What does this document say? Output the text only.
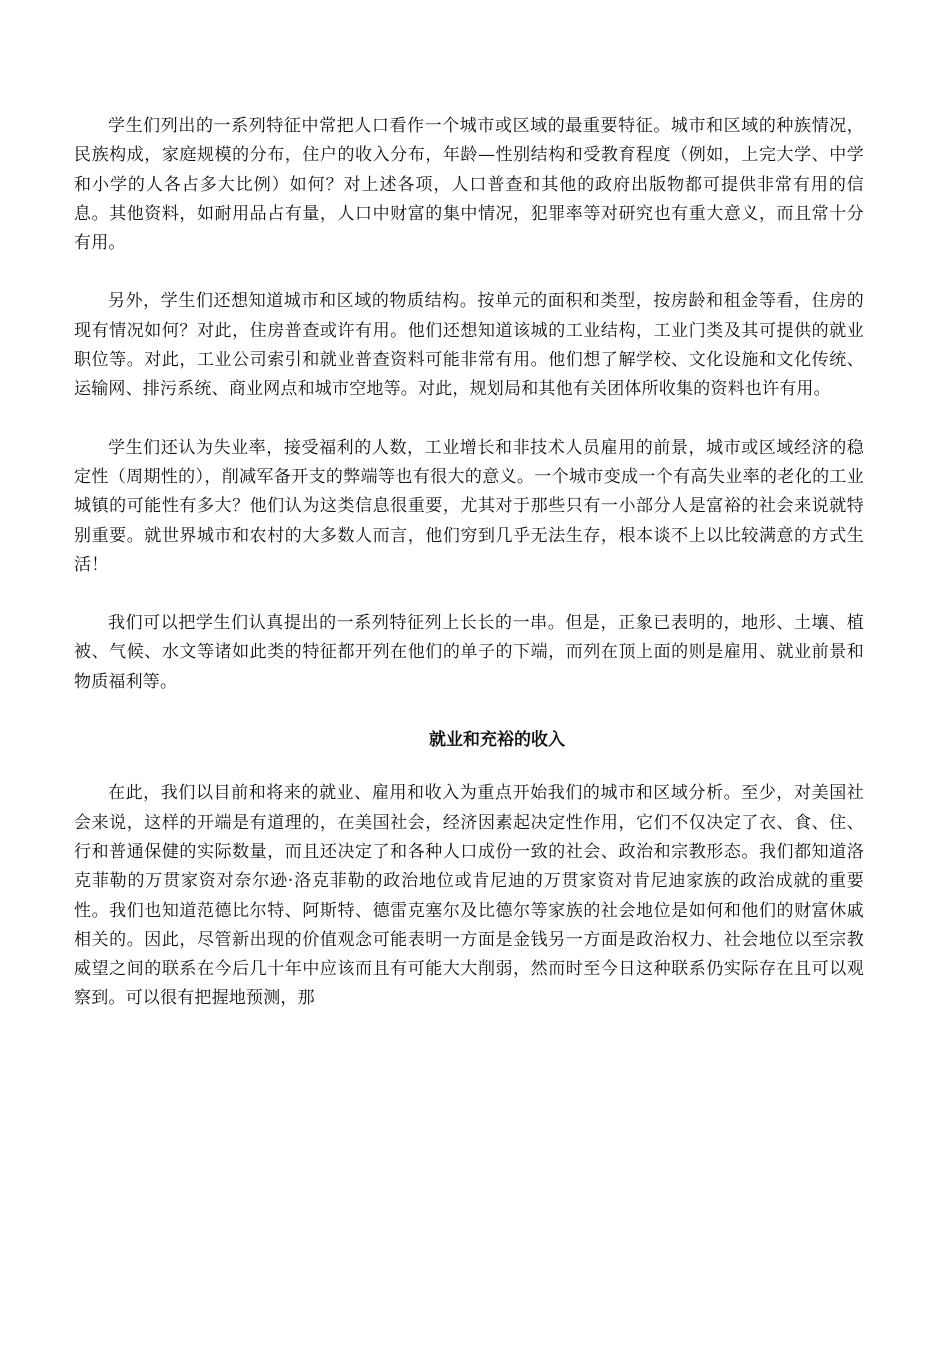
学生们列出的一系列特征中常把人口看作一个城市或区域的最重要特征。城市和区域的种族情况，民族构成，家庭规模的分布，住户的收入分布，年龄—性别结构和受教育程度（例如，上完大学、中学和小学的人各占多大比例）如何？对上述各项，人口普查和其他的政府出版物都可提供非常有用的信息。其他资料，如耐用品占有量，人口中财富的集中情况，犯罪率等对研究也有重大意义，而且常十分有用。

另外，学生们还想知道城市和区域的物质结构。按单元的面积和类型，按房龄和租金等看，住房的现有情况如何？对此，住房普查或许有用。他们还想知道该城的工业结构，工业门类及其可提供的就业职位等。对此，工业公司索引和就业普查资料可能非常有用。他们想了解学校、文化设施和文化传统、运输网、排污系统、商业网点和城市空地等。对此，规划局和其他有关团体所收集的资料也许有用。

学生们还认为失业率，接受福利的人数，工业增长和非技术人员雇用的前景，城市或区域经济的稳定性（周期性的），削减军备开支的弊端等也有很大的意义。一个城市变成一个有高失业率的老化的工业城镇的可能性有多大？他们认为这类信息很重要，尤其对于那些只有一小部分人是富裕的社会来说就特别重要。就世界城市和农村的大多数人而言，他们穷到几乎无法生存，根本谈不上以比较满意的方式生活！

我们可以把学生们认真提出的一系列特征列上长长的一串。但是，正象已表明的，地形、土壤、植被、气候、水文等诸如此类的特征都开列在他们的单子的下端，而列在顶上面的则是雇用、就业前景和物质福利等。

就业和充裕的收入

在此，我们以目前和将来的就业、雇用和收入为重点开始我们的城市和区域分析。至少，对美国社会来说，这样的开端是有道理的，在美国社会，经济因素起决定性作用，它们不仅决定了衣、食、住、行和普通保健的实际数量，而且还决定了和各种人口成份一致的社会、政治和宗教形态。我们都知道洛克菲勒的万贯家资对奈尔逊·洛克菲勒的政治地位或肯尼迪的万贯家资对肯尼迪家族的政治成就的重要性。我们也知道范德比尔特、阿斯特、德雷克塞尔及比德尔等家族的社会地位是如何和他们的财富休戚相关的。因此，尽管新出现的价值观念可能表明一方面是金钱另一方面是政治权力、社会地位以至宗教威望之间的联系在今后几十年中应该而且有可能大大削弱，然而时至今日这种联系仍实际存在且可以观察到。可以很有把握地预测，那
